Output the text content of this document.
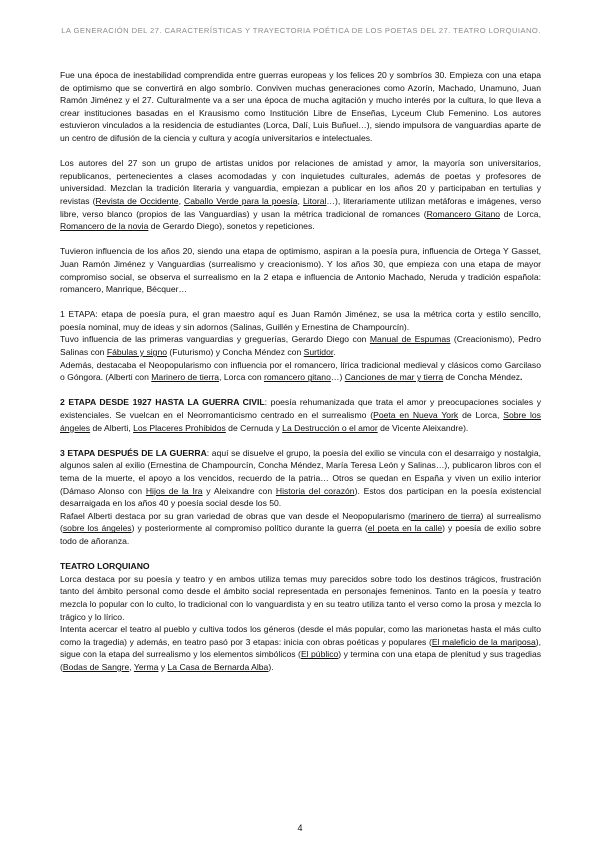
LA GENERACIÓN DEL 27. CARACTERÍSTICAS Y TRAYECTORIA POÉTICA DE LOS POETAS DEL 27. TEATRO LORQUIANO.

Fue una época de inestabilidad comprendida entre guerras europeas y los felices 20 y sombríos 30. Empieza con una etapa de optimismo que se convertirá en algo sombrío. Conviven muchas generaciones como Azorín, Machado, Unamuno, Juan Ramón Jiménez y el 27. Culturalmente va a ser una época de mucha agitación y mucho interés por la cultura, lo que lleva a crear instituciones basadas en el Krausismo como Institución Libre de Enseñas, Lyceum Club Femenino. Los autores estuvieron vinculados a la residencia de estudiantes (Lorca, Dalí, Luis Buñuel…), siendo impulsora de vanguardias aparte de un centro de difusión de la ciencia y cultura y acogía universitarios e intelectuales.

Los autores del 27 son un grupo de artistas unidos por relaciones de amistad y amor, la mayoría son universitarios, republicanos, pertenecientes a clases acomodadas y con inquietudes culturales, además de poetas y profesores de universidad. Mezclan la tradición literaria y vanguardia, empiezan a publicar en los años 20 y participaban en tertulias y revistas (Revista de Occidente, Caballo Verde para la poesía, Litoral…), literariamente utilizan metáforas e imágenes, verso libre, verso blanco (propios de las Vanguardias) y usan la métrica tradicional de romances (Romancero Gitano de Lorca, Romancero de la novia de Gerardo Diego), sonetos y repeticiones.

Tuvieron influencia de los años 20, siendo una etapa de optimismo, aspiran a la poesía pura, influencia de Ortega Y Gasset, Juan Ramón Jiménez y Vanguardias (surrealismo y creacionismo). Y los años 30, que empieza con una etapa de mayor compromiso social, se observa el surrealismo en la 2 etapa e influencia de Antonio Machado, Neruda y tradición española: romancero, Manrique, Bécquer…

1 ETAPA: etapa de poesía pura, el gran maestro aquí es Juan Ramón Jiménez, se usa la métrica corta y estilo sencillo, poesía nominal, muy de ideas y sin adornos (Salinas, Guillén y Ernestina de Champourcín).
Tuvo influencia de las primeras vanguardias y greguerías, Gerardo Diego con Manual de Espumas (Creacionismo), Pedro Salinas con Fábulas y signo (Futurismo) y Concha Méndez con Surtidor.
Además, destacaba el Neopopularismo con influencia por el romancero, lírica tradicional medieval y clásicos como Garcilaso o Góngora. (Alberti con Marinero de tierra, Lorca con romancero gitano…) Canciones de mar y tierra de Concha Méndez.

2 ETAPA DESDE 1927 HASTA LA GUERRA CIVIL: poesía rehumanizada que trata el amor y preocupaciones sociales y existenciales. Se vuelcan en el Neorromanticismo centrado en el surrealismo (Poeta en Nueva York de Lorca, Sobre los ángeles de Alberti, Los Placeres Prohibidos de Cernuda y La Destrucción o el amor de Vicente Aleixandre).

3 ETAPA DESPUÉS DE LA GUERRA: aquí se disuelve el grupo, la poesía del exilio se vincula con el desarraigo y nostalgia, algunos salen al exilio (Ernestina de Champourcín, Concha Méndez, María Teresa León y Salinas…), publicaron libros con el tema de la muerte, el apoyo a los vencidos, recuerdo de la patria… Otros se quedan en España y viven un exilio interior (Dámaso Alonso con Hijos de la Ira y Aleixandre con Historia del corazón). Estos dos participan en la poesía existencial desarraigada en los años 40 y poesía social desde los 50.
Rafael Alberti destaca por su gran variedad de obras que van desde el Neopopularismo (marinero de tierra) al surrealismo (sobre los ángeles) y posteriormente al compromiso político durante la guerra (el poeta en la calle) y poesía de exilio sobre todo de añoranza.

TEATRO LORQUIANO
Lorca destaca por su poesía y teatro y en ambos utiliza temas muy parecidos sobre todo los destinos trágicos, frustración tanto del ámbito personal como desde el ámbito social representada en personajes femeninos. Tanto en la poesía y teatro mezcla lo popular con lo culto, lo tradicional con lo vanguardista y en su teatro utiliza tanto el verso como la prosa y mezcla lo trágico y lo lírico.
Intenta acercar el teatro al pueblo y cultiva todos los géneros (desde el más popular, como las marionetas hasta el más culto como la tragedia) y además, en teatro pasó por 3 etapas: inicia con obras poéticas y populares (El maleficio de la mariposa), sigue con la etapa del surrealismo y los elementos simbólicos (El público) y termina con una etapa de plenitud y sus tragedias (Bodas de Sangre, Yerma y La Casa de Bernarda Alba).

4
